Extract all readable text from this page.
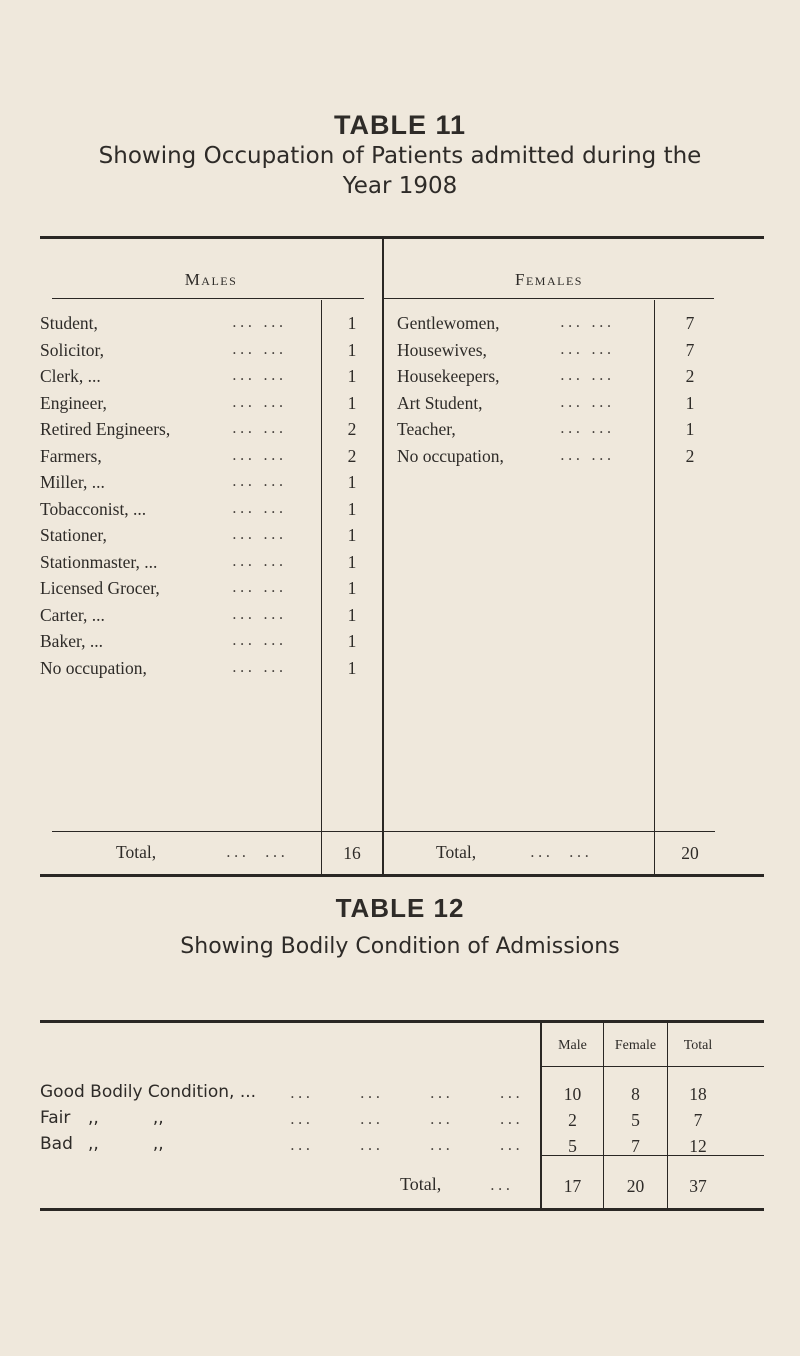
TABLE 11
Showing Occupation of Patients admitted during the
Year 1908
Males	Females
Student,	... ...	1
Solicitor,	... ...	1
Clerk, ...	... ...	1
Engineer,	... ...	1
Retired Engineers,	... ...	2
Farmers,	... ...	2
Miller, ...	... ...	1
Tobacconist, ...	... ...	1
Stationer,	... ...	1
Stationmaster, ...	... ...	1
Licensed Grocer,	... ...	1
Carter, ...	... ...	1
Baker, ...	... ...	1
No occupation,	... ...	1
Gentlewomen,	... ...	7
Housewives,	... ...	7
Housekeepers,	... ...	2
Art Student,	... ...	1
Teacher,	... ...	1
No occupation,	... ...	2
Total,	...  ...	16	Total,	...  ...	20
TABLE 12
Showing Bodily Condition of Admissions
Male	Female	Total
Good Bodily Condition, ... ...      ...      ...      ...	10	8	18
Fair ,,          ,,	...      ...      ...      ...	2	5	7
Bad ,,          ,,	...      ...      ...      ...	5	7	12
Total,	...	17	20	37
